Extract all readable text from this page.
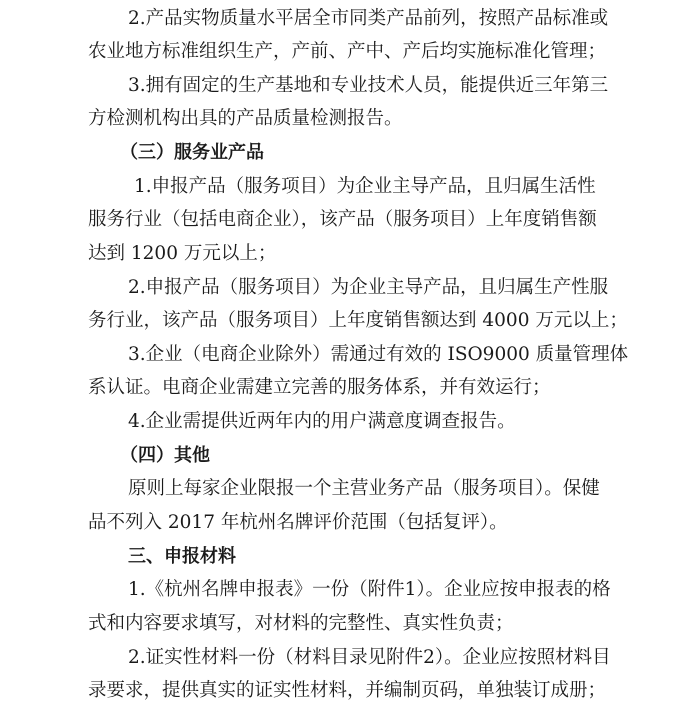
2.产品实物质量水平居全市同类产品前列，按照产品标准或
农业地方标准组织生产，产前、产中、产后均实施标准化管理；
3.拥有固定的生产基地和专业技术人员，能提供近三年第三
方检测机构出具的产品质量检测报告。
（三）服务业产品
1.申报产品（服务项目）为企业主导产品，且归属生活性
服务行业（包括电商企业），该产品（服务项目）上年度销售额
达到 1200 万元以上；
2.申报产品（服务项目）为企业主导产品，且归属生产性服
务行业，该产品（服务项目）上年度销售额达到 4000 万元以上；
3.企业（电商企业除外）需通过有效的 ISO9000 质量管理体
系认证。电商企业需建立完善的服务体系，并有效运行；
4.企业需提供近两年内的用户满意度调查报告。
（四）其他
原则上每家企业限报一个主营业务产品（服务项目）。保健
品不列入 2017 年杭州名牌评价范围（包括复评）。
三、申报材料
1.《杭州名牌申报表》一份（附件1）。企业应按申报表的格
式和内容要求填写，对材料的完整性、真实性负责；
2.证实性材料一份（材料目录见附件2）。企业应按照材料目
录要求，提供真实的证实性材料，并编制页码，单独装订成册；
